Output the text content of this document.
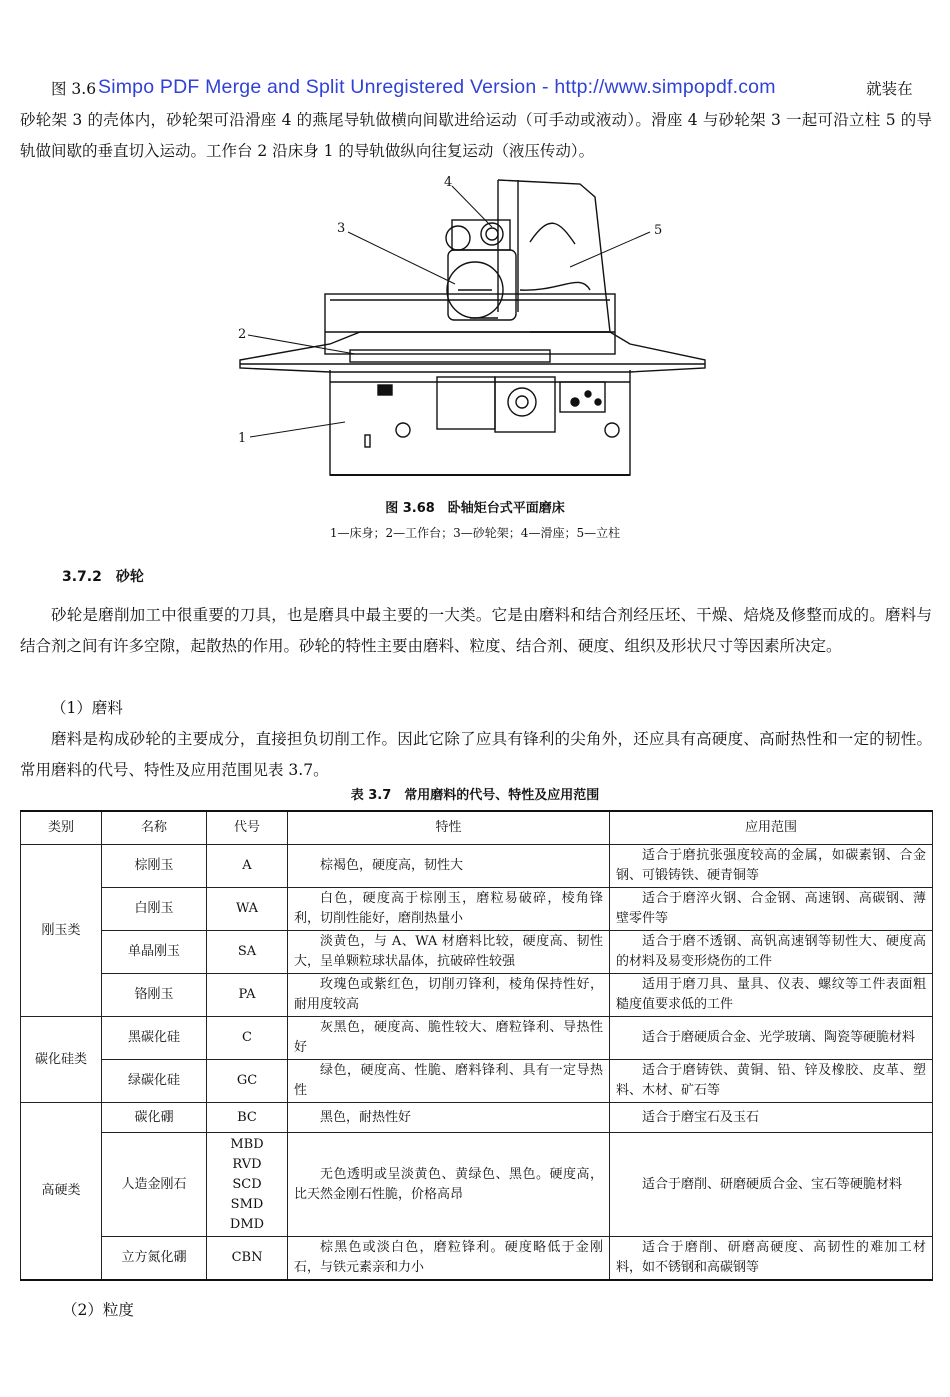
图 3.6	就装在
砂轮架 3 的壳体内，砂轮架可沿滑座 4 的燕尾导轨做横向间歇进给运动（可手动或液动）。滑座 4 与砂轮架 3 一起可沿立柱 5 的导轨做间歇的垂直切入运动。工作台 2 沿床身 1 的导轨做纵向往复运动（液压传动）。

Simpo PDF Merge and Split Unregistered Version - http://www.simpopdf.com
1
2
3
4
5
图 3.68　卧轴矩台式平面磨床
1—床身；2—工作台；3—砂轮架；4—滑座；5—立柱
3.7.2　砂轮

砂轮是磨削加工中很重要的刀具，也是磨具中最主要的一大类。它是由磨料和结合剂经压坯、干燥、焙烧及修整而成的。磨料与结合剂之间有许多空隙，起散热的作用。砂轮的特性主要由磨料、粒度、结合剂、硬度、组织及形状尺寸等因素所决定。

（1）磨料

磨料是构成砂轮的主要成分，直接担负切削工作。因此它除了应具有锋利的尖角外，还应具有高硬度、高耐热性和一定的韧性。常用磨料的代号、特性及应用范围见表 3.7。

表 3.7　常用磨料的代号、特性及应用范围
类别	名称	代号	特性	应用范围
刚玉类	棕刚玉	A	棕褐色，硬度高，韧性大	适合于磨抗张强度较高的金属，如碳素钢、合金钢、可锻铸铁、硬青铜等
	白刚玉	WA	白色，硬度高于棕刚玉，磨粒易破碎，棱角锋利，切削性能好，磨削热量小	适合于磨淬火钢、合金钢、高速钢、高碳钢、薄壁零件等
	单晶刚玉	SA	淡黄色，与 A、WA 材磨料比较，硬度高、韧性大，呈单颗粒球状晶体，抗破碎性较强	适合于磨不透钢、高钒高速钢等韧性大、硬度高的材料及易变形烧伤的工件
	铬刚玉	PA	玫瑰色或紫红色，切削刃锋利，棱角保持性好，耐用度较高	适用于磨刀具、量具、仪表、螺纹等工件表面粗糙度值要求低的工件
碳化硅类	黑碳化硅	C	灰黑色，硬度高、脆性较大、磨粒锋利、导热性好	适合于磨硬质合金、光学玻璃、陶瓷等硬脆材料
	绿碳化硅	GC	绿色，硬度高、性脆、磨料锋利、具有一定导热性	适合于磨铸铁、黄铜、铅、锌及橡胶、皮革、塑料、木材、矿石等
高硬类	碳化硼	BC	黑色，耐热性好	适合于磨宝石及玉石
	人造金刚石	MBD
RVD
SCD
SMD
DMD	无色透明或呈淡黄色、黄绿色、黑色。硬度高，比天然金刚石性脆，价格高昂	适合于磨削、研磨硬质合金、宝石等硬脆材料
	立方氮化硼	CBN	棕黑色或淡白色，磨粒锋利。硬度略低于金刚石，与铁元素亲和力小	适合于磨削、研磨高硬度、高韧性的难加工材料，如不锈钢和高碳钢等
（2）粒度
